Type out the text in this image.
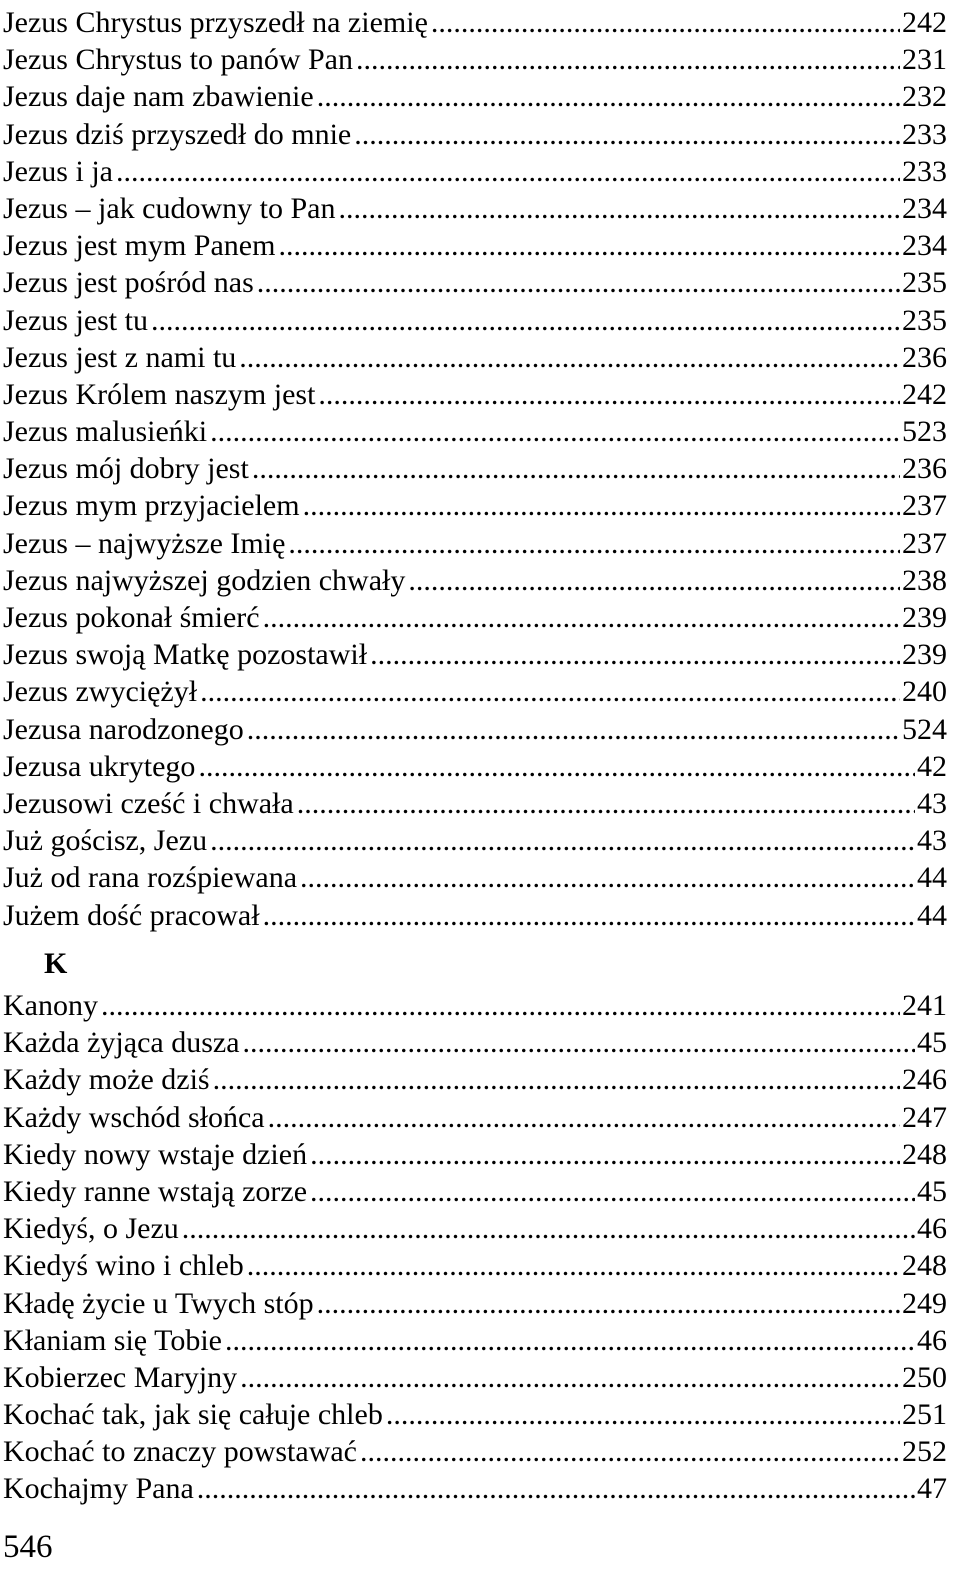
Jezus Chrystus przyszedł na ziemię .....	242
Jezus Chrystus to panów Pan .....	231
Jezus daje nam zbawienie .....	232
Jezus dziś przyszedł do mnie .....	233
Jezus i ja .....	233
Jezus – jak cudowny to Pan .....	234
Jezus jest mym Panem .....	234
Jezus jest pośród nas .....	235
Jezus jest tu .....	235
Jezus jest z nami tu .....	236
Jezus Królem naszym jest .....	242
Jezus malusieńki .....	523
Jezus mój dobry jest .....	236
Jezus mym przyjacielem .....	237
Jezus – najwyższe Imię .....	237
Jezus najwyższej godzien chwały .....	238
Jezus pokonał śmierć .....	239
Jezus swoją Matkę pozostawił .....	239
Jezus zwyciężył .....	240
Jezusa narodzonego .....	524
Jezusa ukrytego .....	42
Jezusowi cześć i chwała .....	43
Już gościsz, Jezu .....	43
Już od rana rozśpiewana .....	44
Jużem dość pracował .....	44
K
Kanony .....	241
Każda żyjąca dusza .....	45
Każdy może dziś .....	246
Każdy wschód słońca .....	247
Kiedy nowy wstaje dzień .....	248
Kiedy ranne wstają zorze .....	45
Kiedyś, o Jezu .....	46
Kiedyś wino i chleb .....	248
Kładę życie u Twych stóp .....	249
Kłaniam się Tobie .....	46
Kobierzec Maryjny .....	250
Kochać tak, jak się całuje chleb .....	251
Kochać to znaczy powstawać .....	252
Kochajmy Pana .....	47
546
